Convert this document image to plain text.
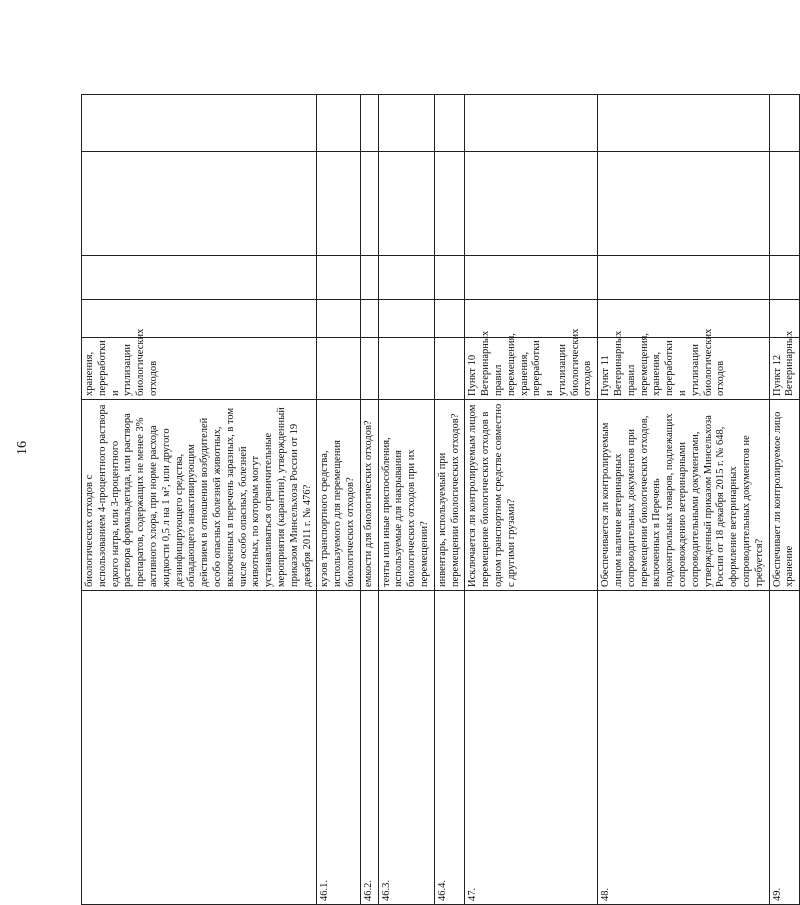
16
	биологических отходов с использованием 4-процентного раствора едкого натра, или 3-процентного раствора формальдегида, или раствора препаратов, содержащих не менее 3% активного хлора, при норме расхода жидкости 0,5 л на 1 м², или другого дезинфицирующего средства, обладающего инактивирующим действием в отношении возбудителей особо опасных болезней животных, включенных в перечень заразных, в том числе особо опасных, болезней животных, по которым могут устанавливаться ограничительные мероприятия (карантин), утвержденный приказом Минсельхоза России от 19 декабря 2011 г. № 476?	хранения, переработки и утилизации биологических отходов				
46.1.	кузов транспортного средства, используемого для перемещения биологических отходов?					
46.2.	емкости для биологических отходов?					
46.3.	тенты или иные приспособления, используемые для накрывания биологических отходов при их перемещении?					
46.4.	инвентарь, используемый при перемещении биологических отходов?					
47.	Исключается ли контролируемым лицом перемещение биологических отходов в одном транспортном средстве совместно с другими грузами?	Пункт 10 Ветеринарных правил перемещения, хранения, переработки и утилизации биологических отходов				
48.	Обеспечивается ли контролируемым лицом наличие ветеринарных сопроводительных документов при перемещении биологических отходов, включенных в Перечень подконтрольных товаров, подлежащих сопровождению ветеринарными сопроводительными документами, утвержденный приказом Минсельхоза России от 18 декабря 2015 г. № 648, оформление ветеринарных сопроводительных документов не требуется?	Пункт 11 Ветеринарных правил перемещения, хранения, переработки и утилизации биологических отходов				
49.	Обеспечивает ли контролируемое лицо хранение	Пункт 12 Ветеринарных				
